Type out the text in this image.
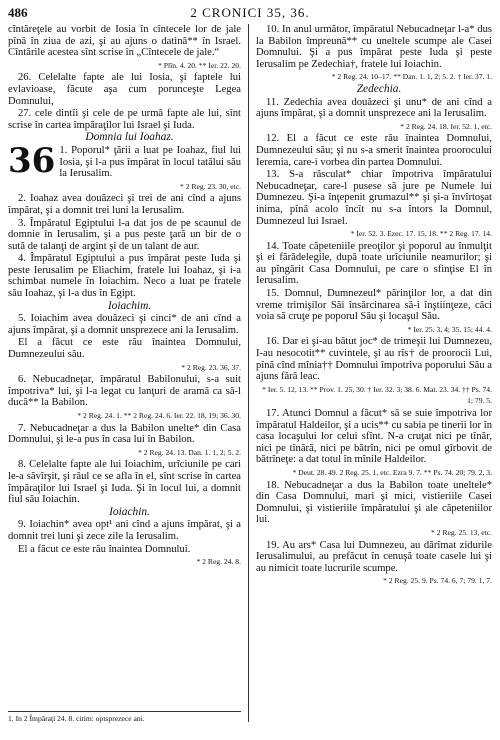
486	2 CRONICI 35, 36.

cîntăreţele au vorbit de Iosia în cîntecele lor de jale pînă în ziua de azi, şi au ajuns o datină** în Israel. Cîntările acestea sînt scrise în „Cîntecele de jale.“

* Plîn. 4. 20. ** Ier. 22. 20.

26. Celelalte fapte ale lui Iosia, şi faptele lui evlavioase, făcute aşa cum porunceşte Legea Domnului,

27. cele dintîi şi cele de pe urmă fapte ale lui, sînt scrise în cartea împăraţilor lui Israel şi Iuda.

Domnia lui Ioahaz.

36 1. Poporul* ţării a luat pe Ioahaz, fiul lui Iosia, şi l-a pus împărat în locul tatălui său la Ierusalim.

* 2 Reg. 23. 30, etc.

2. Ioahaz avea douăzeci şi trei de ani cînd a ajuns împărat, şi a domnit trei luni la Ierusalim.

3. Împăratul Egiptului l-a dat jos de pe scaunul de domnie în Ierusalim, şi a pus peste ţară un bir de o sută de talanţi de argint şi de un talant de aur.

4. Împăratul Egiptului a pus împărat peste Iuda şi peste Ierusalim pe Eliachim, fratele lui Ioahaz, şi i-a schimbat numele în Ioiachim. Neco a luat pe fratele său Ioahaz, şi l-a dus în Egipt.

Ioiachim.

5. Ioiachim avea douăzeci şi cinci* de ani cînd a ajuns împărat, şi a domnit unsprezece ani la Ierusalim.

El a făcut ce este rău înaintea Domnului, Dumnezeului său.

* 2 Reg. 23. 36, 37.

6. Nebucadneţar, împăratul Babilonului, s-a suit împotriva* lui, şi l-a legat cu lanţuri de aramă ca să-l ducă** la Babilon.

* 2 Reg. 24. 1. ** 2 Reg. 24. 6. Ier. 22. 18, 19; 36. 30.

7. Nebucadneţar a dus la Babilon unelte* din Casa Domnului, şi le-a pus în casa lui în Babilon.

* 2 Reg. 24. 13. Dan. 1. 1, 2; 5. 2.

8. Celelalte fapte ale lui Ioiachim, urîciunile pe cari le-a săvîrşit, şi răul ce se afla în el, sînt scrise în cartea împăraţilor lui Israel şi Iuda. Şi în locul lui, a domnit fiul său Ioiachin.

Ioiachin.

9. Ioiachin* avea opt¹ ani cînd a ajuns împărat, şi a domnit trei luni şi zece zile la Ierusalim.

El a făcut ce este rău înaintea Domnului.

* 2 Reg. 24. 8.

10. In anul următor, împăratul Nebucadneţar l-a* dus la Babilon împreună** cu uneltele scumpe ale Casei Domnului. Şi a pus împărat peste Iuda şi peste Ierusalim pe Zedechia†, fratele lui Ioiachin.

* 2 Reg. 24. 10–17. ** Dan. 1. 1, 2; 5. 2. † Ier. 37. 1.

Zedechia.

11. Zedechia avea douăzeci şi unu* de ani cînd a ajuns împărat, şi a domnit unsprezece ani la Ierusalim.

* 2 Reg. 24. 18. Ier. 52. 1, etc.

12. El a făcut ce este rău înaintea Domnului, Dumnezeului său; şi nu s-a smerit înaintea proorocului Ieremia, care-i vorbea din partea Domnului.

13. S-a răsculat* chiar împotriva împăratului Nebucadneţar, care-l pusese să jure pe Numele lui Dumnezeu. Şi-a înţepenit grumazul** şi şi-a învîrtoşat inima, pînă acolo încît nu s-a întors la Domnul, Dumnezeul lui Israel.

* Ier. 52. 3. Ezec. 17. 15, 18. ** 2 Reg. 17. 14.

14. Toate căpeteniile preoţilor şi poporul au înmulţit şi ei fărădelegile, după toate urîciunile neamurilor; şi au pîngărit Casa Domnului, pe care o sfinţise El în Ierusalim.

15. Domnul, Dumnezeul* părinţilor lor, a dat din vreme trimişilor Săi însărcinarea să-i înştiinţeze, căci voia să cruţe pe poporul Său şi locaşul Său.

* Ier. 25. 3, 4; 35. 15; 44. 4.

16. Dar ei şi-au bătut joc* de trimeşii lui Dumnezeu, I-au nesocotit** cuvintele, şi au rîs† de proorocii Lui, pînă cînd mînia†† Domnului împotriva poporului Său a ajuns fără leac.

* Ier. 5. 12, 13. ** Prov. 1. 25, 30. † Ier. 32. 3; 38. 6. Mat. 23. 34. †† Ps. 74. 1; 79. 5.

17. Atunci Domnul a făcut* să se suie împotriva lor împăratul Haldeilor, şi a ucis** cu sabia pe tinerii lor în casa locaşului lor celui sfînt. N-a cruţat nici pe tînăr, nici pe tînără, nici pe bătrîn, nici pe omul gîrbovit de bătrîneţe: a dat totul în mînile Haldeilor.

* Deut. 28. 49. 2 Reg. 25. 1, etc. Ezra 9. 7. ** Ps. 74. 20; 79. 2, 3.

18. Nebucadneţar a dus la Babilon toate uneltele* din Casa Domnului, mari şi mici, vistieriile Casei Domnului, şi vistieriile împăratului şi ale căpeteniilor lui.

* 2 Reg. 25. 13, etc.

19. Au ars* Casa lui Dumnezeu, au dărîmat zidurile Ierusalimului, au prefăcut în cenuşă toate casele lui şi au nimicit toate lucrurile scumpe.

* 2 Reg. 25. 9. Ps. 74. 6, 7; 79. 1, 7.
1. In 2 Împăraţi 24. 8. citim: optsprezece ani.
